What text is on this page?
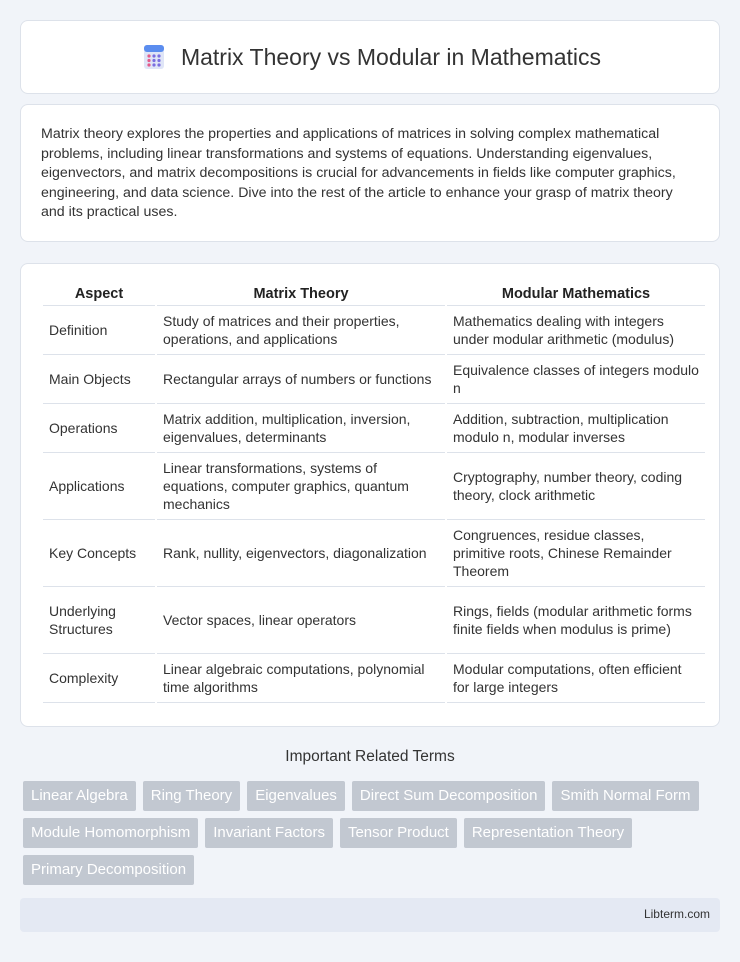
Matrix Theory vs Modular in Mathematics

Matrix theory explores the properties and applications of matrices in solving complex mathematical problems, including linear transformations and systems of equations. Understanding eigenvalues, eigenvectors, and matrix decompositions is crucial for advancements in fields like computer graphics, engineering, and data science. Dive into the rest of the article to enhance your grasp of matrix theory and its practical uses.

Aspect	Matrix Theory	Modular Mathematics
Definition	Study of matrices and their properties, operations, and applications	Mathematics dealing with integers under modular arithmetic (modulus)
Main Objects	Rectangular arrays of numbers or functions	Equivalence classes of integers modulo n
Operations	Matrix addition, multiplication, inversion, eigenvalues, determinants	Addition, subtraction, multiplication modulo n, modular inverses
Applications	Linear transformations, systems of equations, computer graphics, quantum mechanics	Cryptography, number theory, coding theory, clock arithmetic
Key Concepts	Rank, nullity, eigenvectors, diagonalization	Congruences, residue classes, primitive roots, Chinese Remainder Theorem
Underlying Structures	Vector spaces, linear operators	Rings, fields (modular arithmetic forms finite fields when modulus is prime)
Complexity	Linear algebraic computations, polynomial time algorithms	Modular computations, often efficient for large integers
Important Related Terms
Linear Algebra	Ring Theory	Eigenvalues	Direct Sum Decomposition	Smith Normal Form
Module Homomorphism	Invariant Factors	Tensor Product	Representation Theory
Primary Decomposition
Libterm.com
